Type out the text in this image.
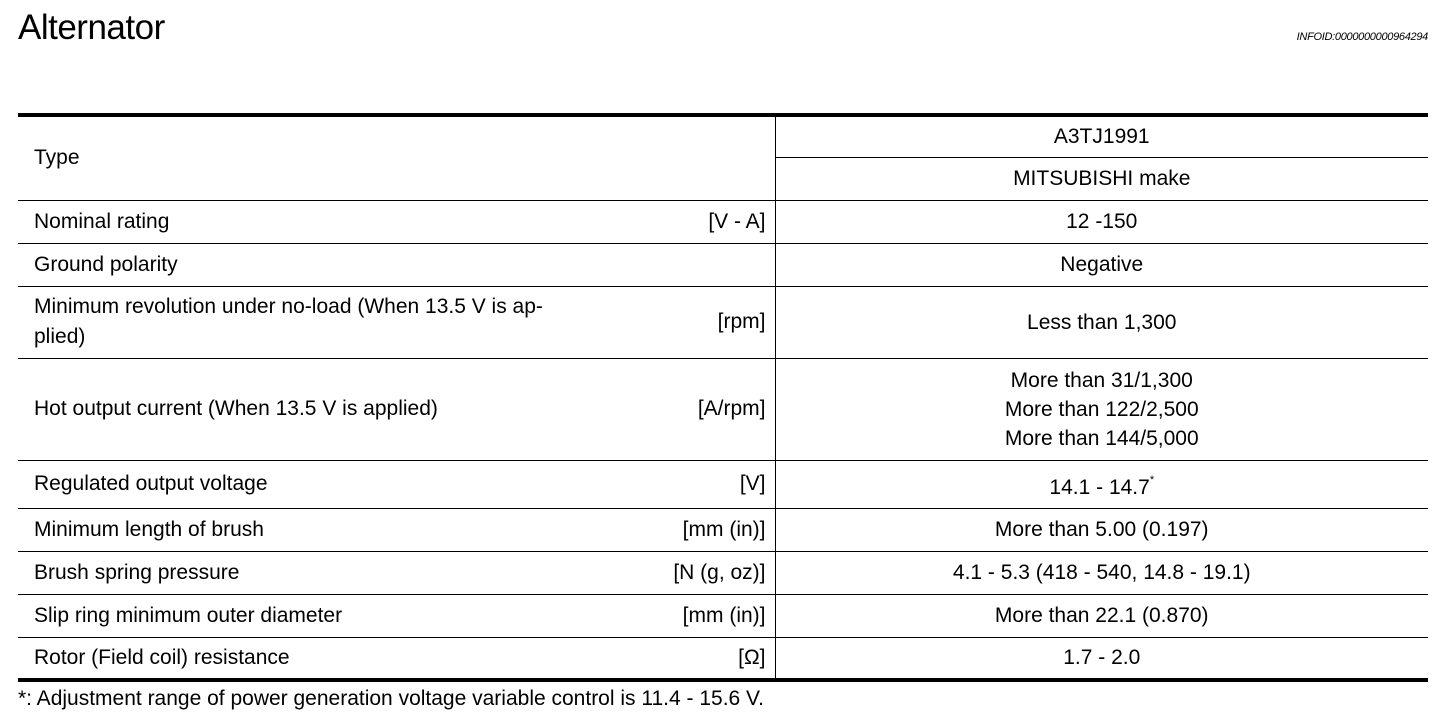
Alternator	INFOID:0000000000964294
Type	A3TJ1991
	MITSUBISHI make

Nominal rating [V - A]	12 -150

Ground polarity	Negative

Minimum revolution under no-load (When 13.5 V is ap-
plied)
[rpm]	Less than 1,300

Hot output current (When 13.5 V is applied) [A/rpm]	More than 31/1,300
More than 122/2,500
More than 144/5,000

Regulated output voltage [V]	14.1 - 14.7*

Minimum length of brush [mm (in)]	More than 5.00 (0.197)

Brush spring pressure [N (g, oz)]	4.1 - 5.3 (418 - 540, 14.8 - 19.1)

Slip ring minimum outer diameter [mm (in)]	More than 22.1 (0.870)

Rotor (Field coil) resistance [Ω]	1.7 - 2.0
*: Adjustment range of power generation voltage variable control is 11.4 - 15.6 V.
